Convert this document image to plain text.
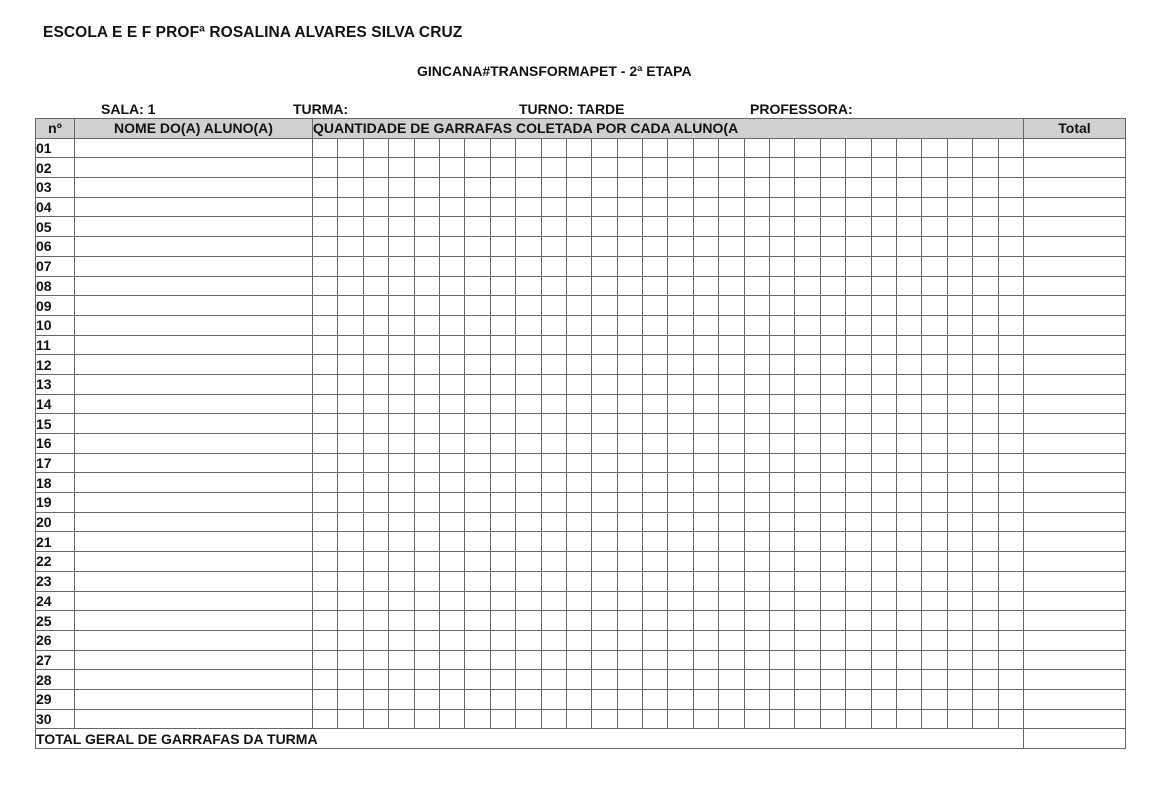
ESCOLA E E F PROFª ROSALINA ALVARES SILVA CRUZ
GINCANA#TRANSFORMAPET - 2ª ETAPA
SALA: 1	TURMA:	TURNO: TARDE	PROFESSORA:
nº	NOME DO(A) ALUNO(A)	QUANTIDADE DE GARRAFAS COLETADA POR CADA ALUNO(A																												Total
01																														
02																														
03																														
04																														
05																														
06																														
07																														
08																														
09																														
10																														
11																														
12																														
13																														
14																														
15																														
16																														
17																														
18																														
19																														
20																														
21																														
22																														
23																														
24																														
25																														
26																														
27																														
28																														
29																														
30																														
TOTAL GERAL DE GARRAFAS DA TURMA																														
